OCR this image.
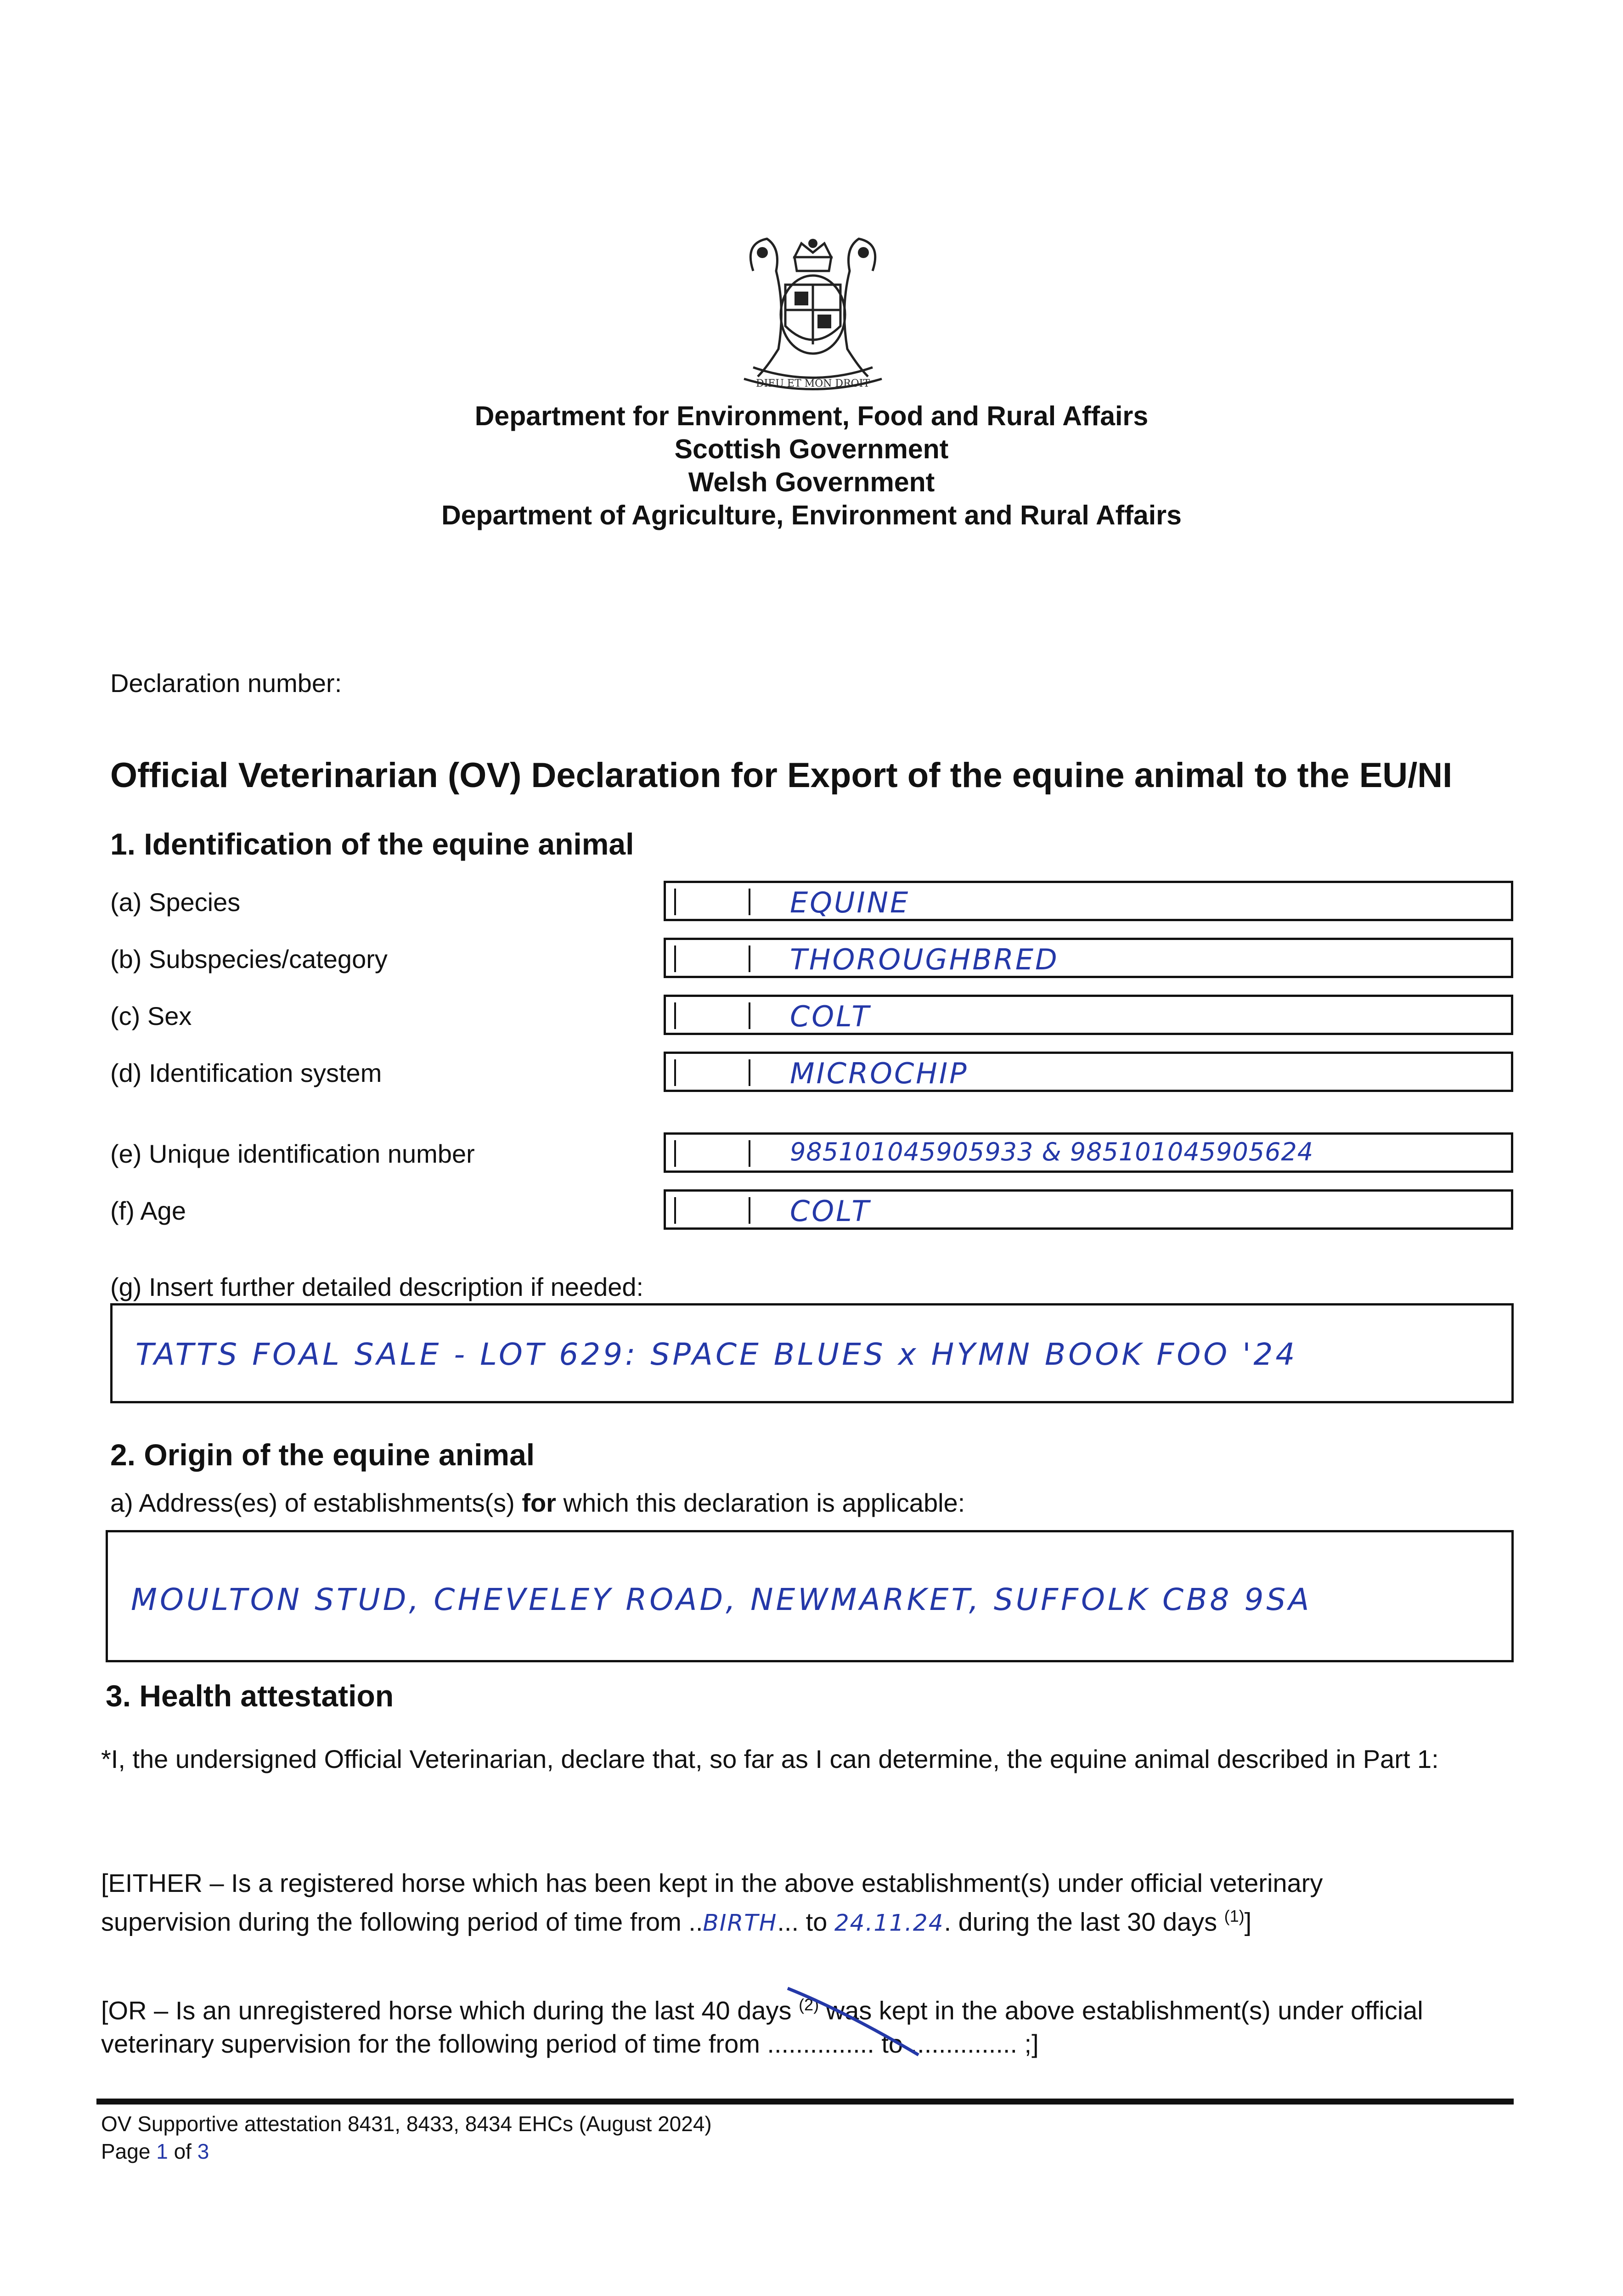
DIEU ET MON DROIT
Department for Environment, Food and Rural Affairs
Scottish Government
Welsh Government
Department of Agriculture, Environment and Rural Affairs
Declaration number:
Official Veterinarian (OV) Declaration for Export of the equine animal to the EU/NI
1. Identification of the equine animal
(a) Species	EQUINE
(b) Subspecies/category	THOROUGHBRED
(c) Sex	COLT
(d) Identification system	MICROCHIP
(e) Unique identification number	985101045905933 & 985101045905624
(f) Age	COLT
(g) Insert further detailed description if needed:
TATTS FOAL SALE - LOT 629: SPACE BLUES x HYMN BOOK FOO '24
2. Origin of the equine animal
a) Address(es) of establishments(s) for which this declaration is applicable:
MOULTON STUD, CHEVELEY ROAD, NEWMARKET, SUFFOLK CB8 9SA
3. Health attestation
*I, the undersigned Official Veterinarian, declare that, so far as I can determine, the equine animal described in Part 1:
[EITHER – Is a registered horse which has been kept in the above establishment(s) under official veterinary
supervision during the following period of time from ..BIRTH... to 24.11.24. during the last 30 days $^{(1)}$]
[OR – Is an unregistered horse which during the last 40 days $^{(2)}$ was kept in the above establishment(s) under official
veterinary supervision for the following period of time from ............... to ............... ;]
OV Supportive attestation 8431, 8433, 8434 EHCs (August 2024)
Page 1 of 3
